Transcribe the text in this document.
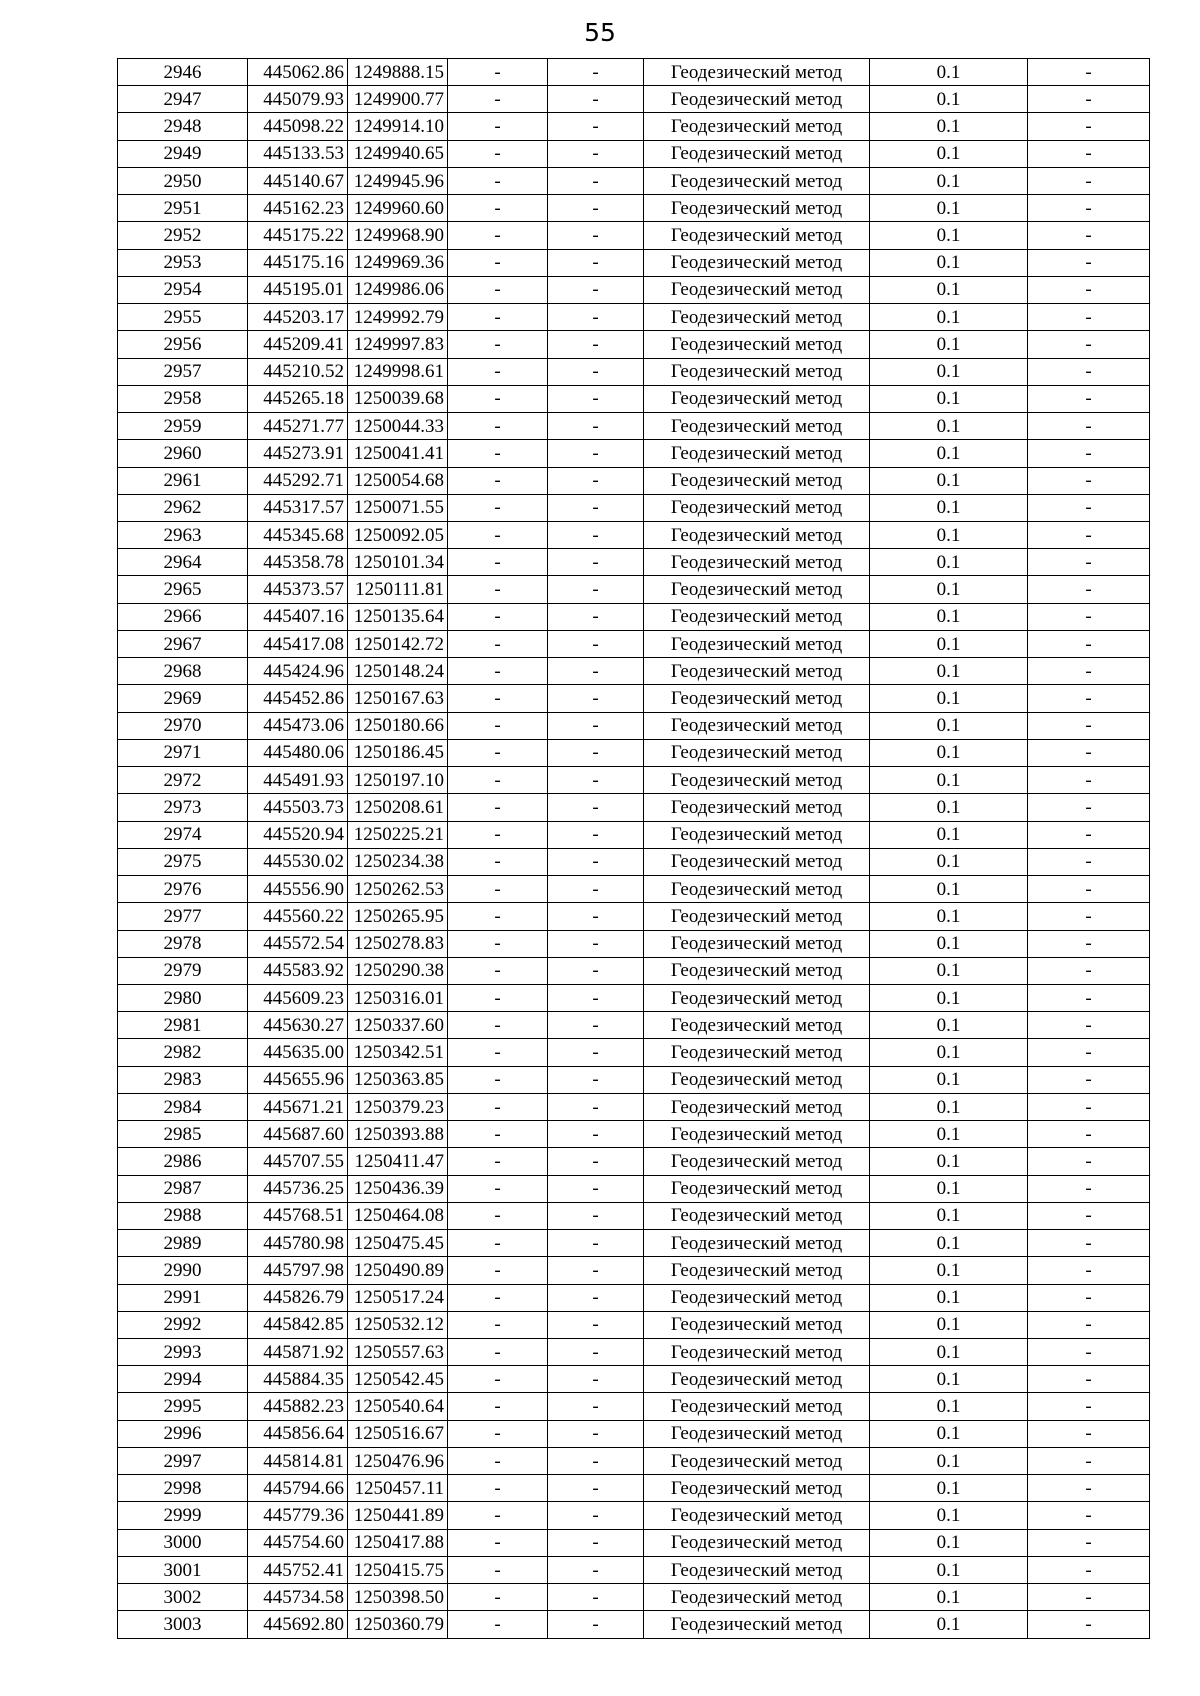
55
2946	445062.86	1249888.15	-	-	Геодезический метод	0.1	-
2947	445079.93	1249900.77	-	-	Геодезический метод	0.1	-
2948	445098.22	1249914.10	-	-	Геодезический метод	0.1	-
2949	445133.53	1249940.65	-	-	Геодезический метод	0.1	-
2950	445140.67	1249945.96	-	-	Геодезический метод	0.1	-
2951	445162.23	1249960.60	-	-	Геодезический метод	0.1	-
2952	445175.22	1249968.90	-	-	Геодезический метод	0.1	-
2953	445175.16	1249969.36	-	-	Геодезический метод	0.1	-
2954	445195.01	1249986.06	-	-	Геодезический метод	0.1	-
2955	445203.17	1249992.79	-	-	Геодезический метод	0.1	-
2956	445209.41	1249997.83	-	-	Геодезический метод	0.1	-
2957	445210.52	1249998.61	-	-	Геодезический метод	0.1	-
2958	445265.18	1250039.68	-	-	Геодезический метод	0.1	-
2959	445271.77	1250044.33	-	-	Геодезический метод	0.1	-
2960	445273.91	1250041.41	-	-	Геодезический метод	0.1	-
2961	445292.71	1250054.68	-	-	Геодезический метод	0.1	-
2962	445317.57	1250071.55	-	-	Геодезический метод	0.1	-
2963	445345.68	1250092.05	-	-	Геодезический метод	0.1	-
2964	445358.78	1250101.34	-	-	Геодезический метод	0.1	-
2965	445373.57	1250111.81	-	-	Геодезический метод	0.1	-
2966	445407.16	1250135.64	-	-	Геодезический метод	0.1	-
2967	445417.08	1250142.72	-	-	Геодезический метод	0.1	-
2968	445424.96	1250148.24	-	-	Геодезический метод	0.1	-
2969	445452.86	1250167.63	-	-	Геодезический метод	0.1	-
2970	445473.06	1250180.66	-	-	Геодезический метод	0.1	-
2971	445480.06	1250186.45	-	-	Геодезический метод	0.1	-
2972	445491.93	1250197.10	-	-	Геодезический метод	0.1	-
2973	445503.73	1250208.61	-	-	Геодезический метод	0.1	-
2974	445520.94	1250225.21	-	-	Геодезический метод	0.1	-
2975	445530.02	1250234.38	-	-	Геодезический метод	0.1	-
2976	445556.90	1250262.53	-	-	Геодезический метод	0.1	-
2977	445560.22	1250265.95	-	-	Геодезический метод	0.1	-
2978	445572.54	1250278.83	-	-	Геодезический метод	0.1	-
2979	445583.92	1250290.38	-	-	Геодезический метод	0.1	-
2980	445609.23	1250316.01	-	-	Геодезический метод	0.1	-
2981	445630.27	1250337.60	-	-	Геодезический метод	0.1	-
2982	445635.00	1250342.51	-	-	Геодезический метод	0.1	-
2983	445655.96	1250363.85	-	-	Геодезический метод	0.1	-
2984	445671.21	1250379.23	-	-	Геодезический метод	0.1	-
2985	445687.60	1250393.88	-	-	Геодезический метод	0.1	-
2986	445707.55	1250411.47	-	-	Геодезический метод	0.1	-
2987	445736.25	1250436.39	-	-	Геодезический метод	0.1	-
2988	445768.51	1250464.08	-	-	Геодезический метод	0.1	-
2989	445780.98	1250475.45	-	-	Геодезический метод	0.1	-
2990	445797.98	1250490.89	-	-	Геодезический метод	0.1	-
2991	445826.79	1250517.24	-	-	Геодезический метод	0.1	-
2992	445842.85	1250532.12	-	-	Геодезический метод	0.1	-
2993	445871.92	1250557.63	-	-	Геодезический метод	0.1	-
2994	445884.35	1250542.45	-	-	Геодезический метод	0.1	-
2995	445882.23	1250540.64	-	-	Геодезический метод	0.1	-
2996	445856.64	1250516.67	-	-	Геодезический метод	0.1	-
2997	445814.81	1250476.96	-	-	Геодезический метод	0.1	-
2998	445794.66	1250457.11	-	-	Геодезический метод	0.1	-
2999	445779.36	1250441.89	-	-	Геодезический метод	0.1	-
3000	445754.60	1250417.88	-	-	Геодезический метод	0.1	-
3001	445752.41	1250415.75	-	-	Геодезический метод	0.1	-
3002	445734.58	1250398.50	-	-	Геодезический метод	0.1	-
3003	445692.80	1250360.79	-	-	Геодезический метод	0.1	-
